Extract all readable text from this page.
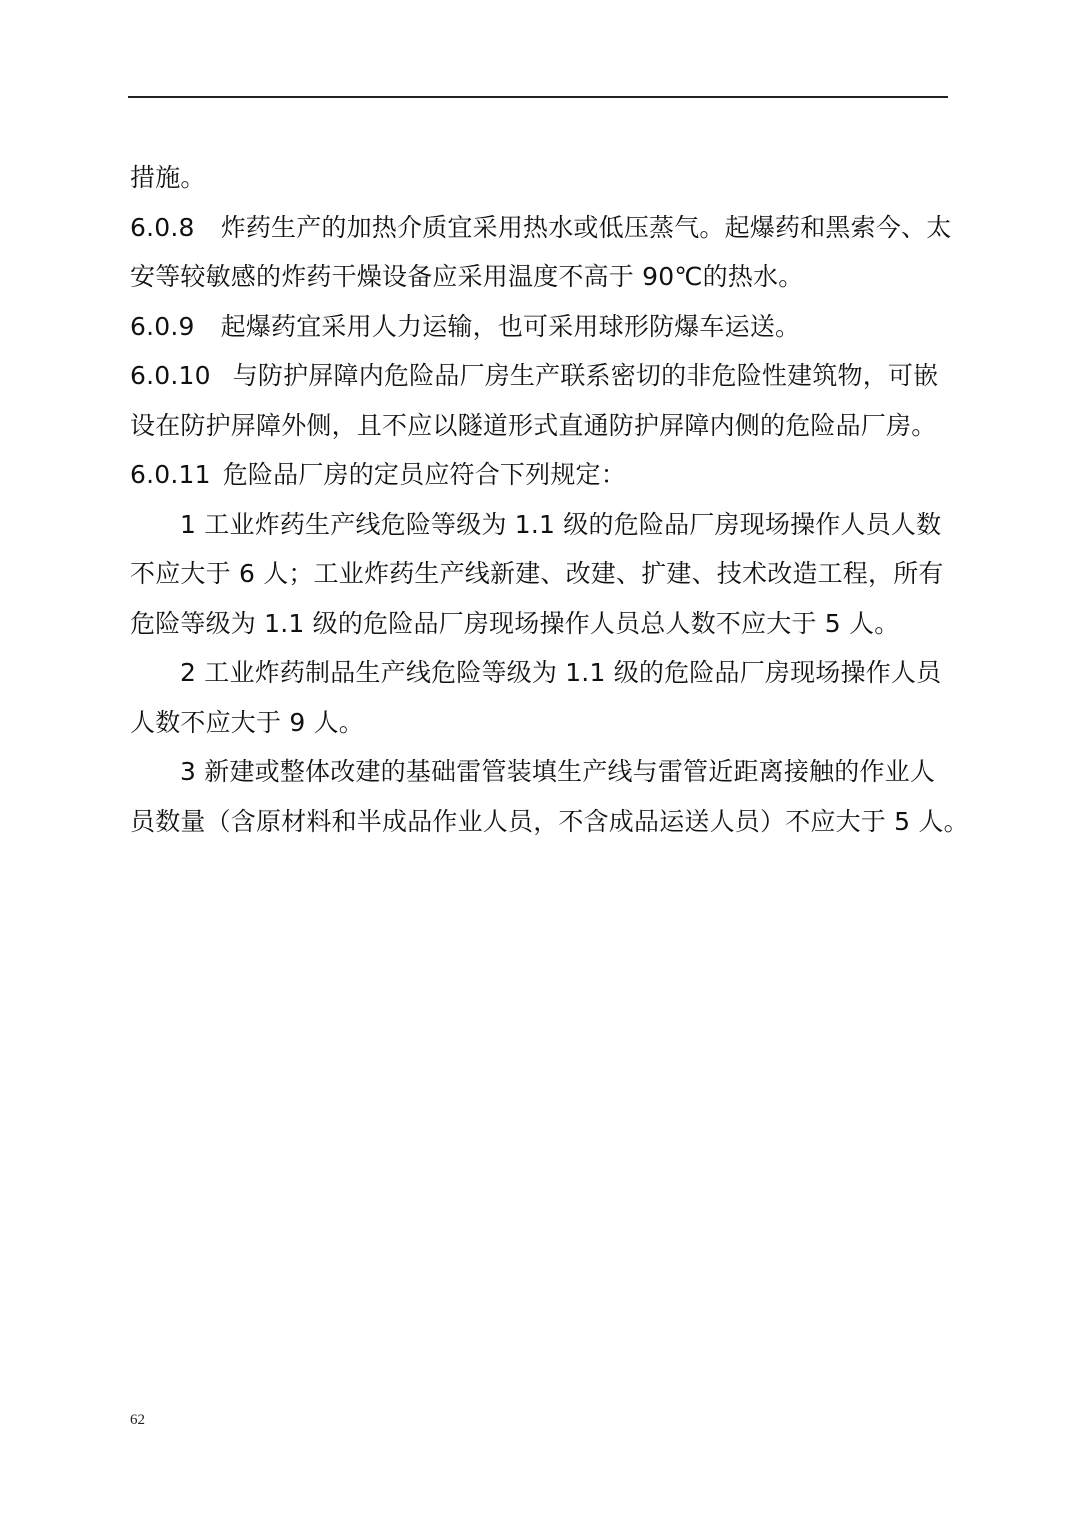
措施。
6.0.8 炸药生产的加热介质宜采用热水或低压蒸气。起爆药和黑索今、太
安等较敏感的炸药干燥设备应采用温度不高于 90℃的热水。
6.0.9 起爆药宜采用人力运输，也可采用球形防爆车运送。
6.0.10 与防护屏障内危险品厂房生产联系密切的非危险性建筑物，可嵌
设在防护屏障外侧，且不应以隧道形式直通防护屏障内侧的危险品厂房。
6.0.11 危险品厂房的定员应符合下列规定：
1 工业炸药生产线危险等级为 1.1 级的危险品厂房现场操作人员人数
不应大于 6 人；工业炸药生产线新建、改建、扩建、技术改造工程，所有
危险等级为 1.1 级的危险品厂房现场操作人员总人数不应大于 5 人。
2 工业炸药制品生产线危险等级为 1.1 级的危险品厂房现场操作人员
人数不应大于 9 人。
3 新建或整体改建的基础雷管装填生产线与雷管近距离接触的作业人
员数量（含原材料和半成品作业人员，不含成品运送人员）不应大于 5 人。
62
